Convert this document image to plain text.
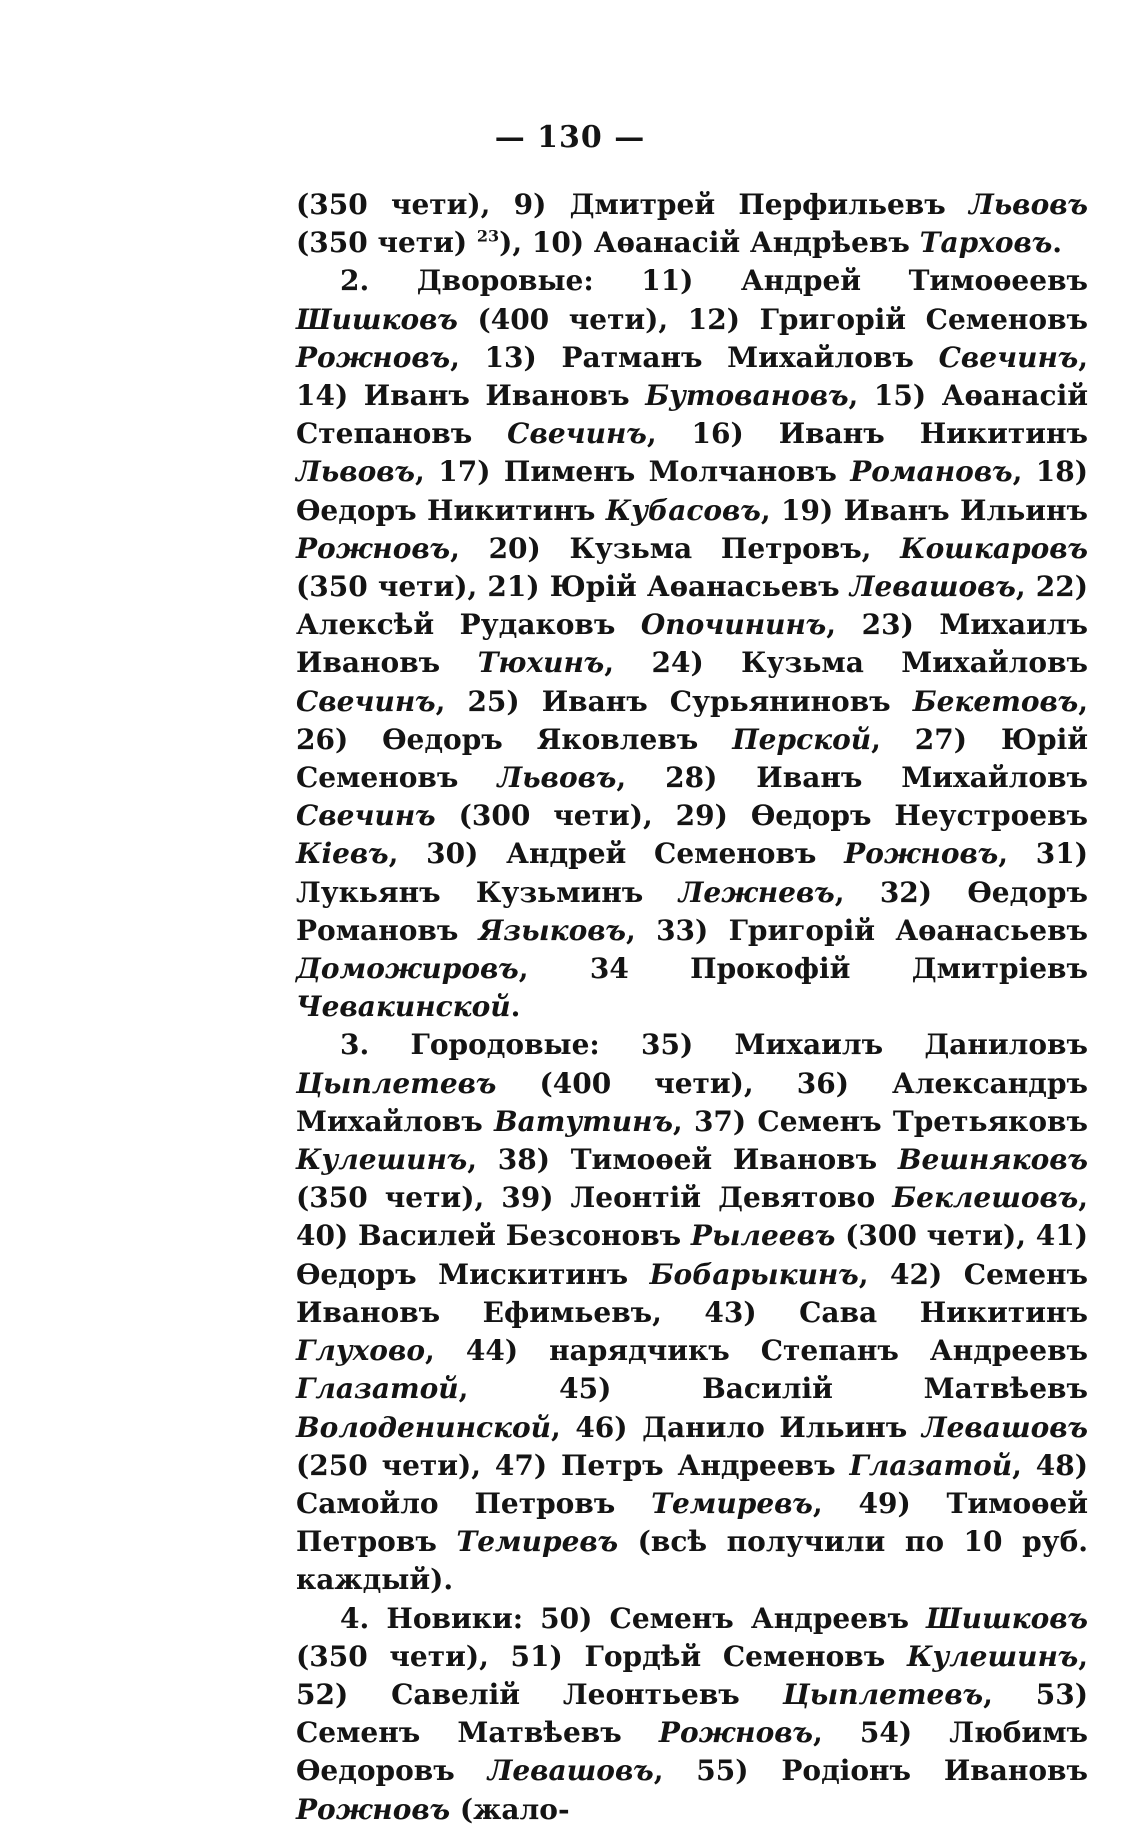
— 130 —

(350 чети), 9) Дмитрей Перфильевъ Львовъ (350 чети) $^{23}$), 10) Аѳанасій Андрѣевъ Тарховъ.

2. Дворовые: 11) Андрей Тимоѳеевъ Шишковъ (400 чети), 12) Григорій Семеновъ Рожновъ, 13) Ратманъ Михайловъ Свечинъ, 14) Иванъ Ивановъ Бутовановъ, 15) Аѳанасій Степановъ Свечинъ, 16) Иванъ Никитинъ Львовъ, 17) Пименъ Молчановъ Романовъ, 18) Ѳедоръ Никитинъ Кубасовъ, 19) Иванъ Ильинъ Рожновъ, 20) Кузьма Петровъ, Кошкаровъ (350 чети), 21) Юрій Аѳанасьевъ Левашовъ, 22) Алексѣй Рудаковъ Опочининъ, 23) Михаилъ Ивановъ Тюхинъ, 24) Кузьма Михайловъ Свечинъ, 25) Иванъ Сурьяниновъ Бекетовъ, 26) Ѳедоръ Яковлевъ Перской, 27) Юрій Семеновъ Львовъ, 28) Иванъ Михайловъ Свечинъ (300 чети), 29) Ѳедоръ Неустроевъ Кіевъ, 30) Андрей Семеновъ Рожновъ, 31) Лукьянъ Кузьминъ Лежневъ, 32) Ѳедоръ Романовъ Языковъ, 33) Григорій Аѳанасьевъ Доможировъ, 34 Прокофій Дмитріевъ Чевакинской.

3. Городовые: 35) Михаилъ Даниловъ Цыплетевъ (400 чети), 36) Александръ Михайловъ Ватутинъ, 37) Семенъ Третьяковъ Кулешинъ, 38) Тимоѳей Ивановъ Вешняковъ (350 чети), 39) Леонтій Девятово Беклешовъ, 40) Василей Безсоновъ Рылеевъ (300 чети), 41) Ѳедоръ Мискитинъ Бобарыкинъ, 42) Семенъ Ивановъ Ефимьевъ, 43) Сава Никитинъ Глухово, 44) нарядчикъ Степанъ Андреевъ Глазатой, 45) Василій Матвѣевъ Володенинской, 46) Данило Ильинъ Левашовъ (250 чети), 47) Петръ Андреевъ Глазатой, 48) Самойло Петровъ Темиревъ, 49) Тимоѳей Петровъ Темиревъ (всѣ получили по 10 руб. каждый).

4. Новики: 50) Семенъ Андреевъ Шишковъ (350 чети), 51) Гордѣй Семеновъ Кулешинъ, 52) Савелій Леонтьевъ Цыплетевъ, 53) Семенъ Матвѣевъ Рожновъ, 54) Любимъ Ѳедоровъ Левашовъ, 55) Родіонъ Ивановъ Рожновъ (жало-
